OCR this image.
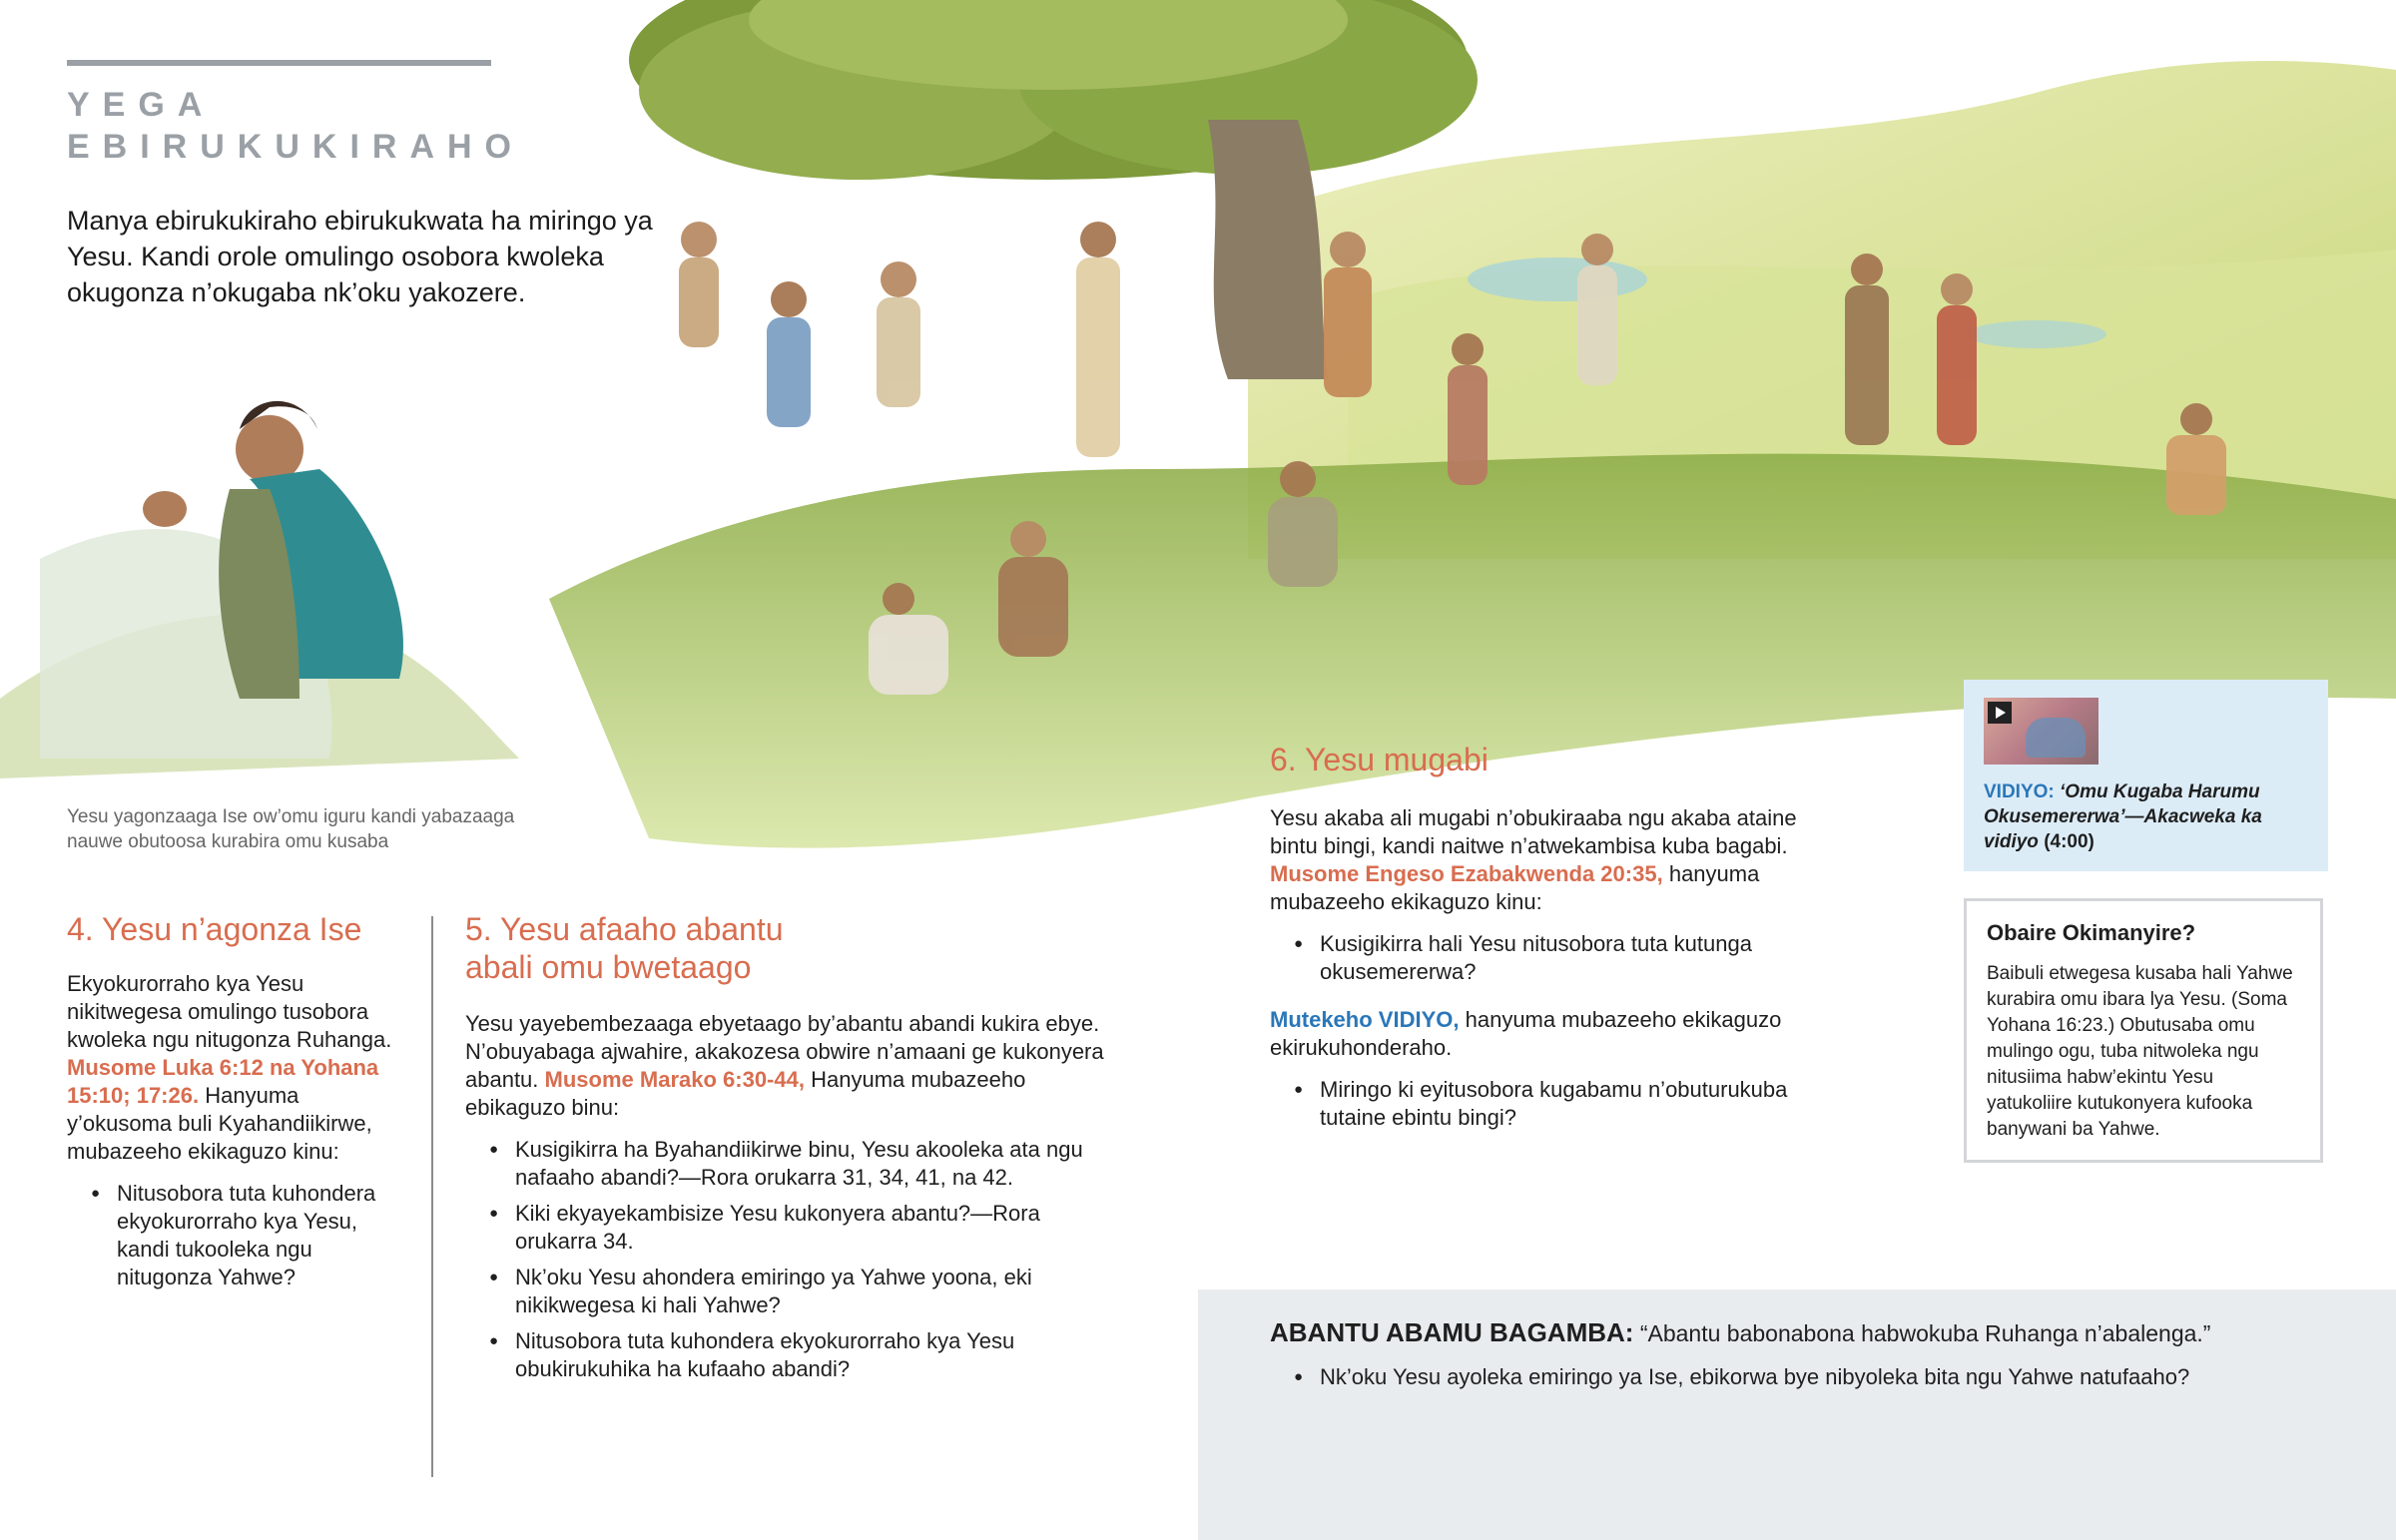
YEGA
EBIRUKUKIRAHO

Manya ebirukukiraho ebirukukwata ha miringo ya Yesu. Kandi orole omulingo osobora kwoleka okugonza n’okugaba nk’oku yakozere.

Yesu yagonzaaga Ise ow’omu iguru kandi yabazaaga nauwe obutoosa kurabira omu kusaba

4. Yesu n’agonza Ise

Ekyokurorraho kya Yesu nikitwegesa omulingo tusobora kwoleka ngu nitugonza Ruhanga. Musome Luka 6:12 na Yohana 15:10; 17:26. Hanyuma y’okusoma buli Kyahandiikirwe, mubazeeho ekikaguzo kinu:

● Nitusobora tuta kuhondera ekyokurorraho kya Yesu, kandi tukooleka ngu nitugonza Yahwe?
5. Yesu afaaho abantu
abali omu bwetaago

Yesu yayebembezaaga ebyetaago by’abantu abandi kukira ebye. N’obuyabaga ajwahire, akakozesa obwire n’amaani ge kukonyera abantu. Musome Marako 6:30-44, Hanyuma mubazeeho ebikaguzo binu:

● Kusigikirra ha Byahandiikirwe binu, Yesu akooleka ata ngu nafaaho abandi?—Rora orukarra 31, 34, 41, na 42.
● Kiki ekyayekambisize Yesu kukonyera abantu?—Rora orukarra 34.
● Nk’oku Yesu ahondera emiringo ya Yahwe yoona, eki nikikwegesa ki hali Yahwe?
● Nitusobora tuta kuhondera ekyokurorraho kya Yesu obukirukuhika ha kufaaho abandi?
6. Yesu mugabi

Yesu akaba ali mugabi n’obukiraaba ngu akaba ataine bintu bingi, kandi naitwe n’atwekambisa kuba bagabi. Musome Engeso Ezabakwenda 20:35, hanyuma mubazeeho ekikaguzo kinu:

● Kusigikirra hali Yesu nitusobora tuta kutunga okusemererwa?

Mutekeho VIDIYO, hanyuma mubazeeho ekikaguzo ekirukuhonderaho.

● Miringo ki eyitusobora kugabamu n’obuturukuba tutaine ebintu bingi?

VIDIYO: ‘Omu Kugaba Harumu Okusemererwa’—Akacweka ka vidiyo (4:00)

Obaire Okimanyire?

Baibuli etwegesa kusaba hali Yahwe kurabira omu ibara lya Yesu. (Soma Yohana 16:23.) Obutusaba omu mulingo ogu, tuba nitwoleka ngu nitusiima habw’ekintu Yesu yatukoliire kutukonyera kufooka banywani ba Yahwe.

ABANTU ABAMU BAGAMBA: “Abantu babonabona habwokuba Ruhanga n’abalenga.”

● Nk’oku Yesu ayoleka emiringo ya Ise, ebikorwa bye nibyoleka bita ngu Yahwe natufaaho?
